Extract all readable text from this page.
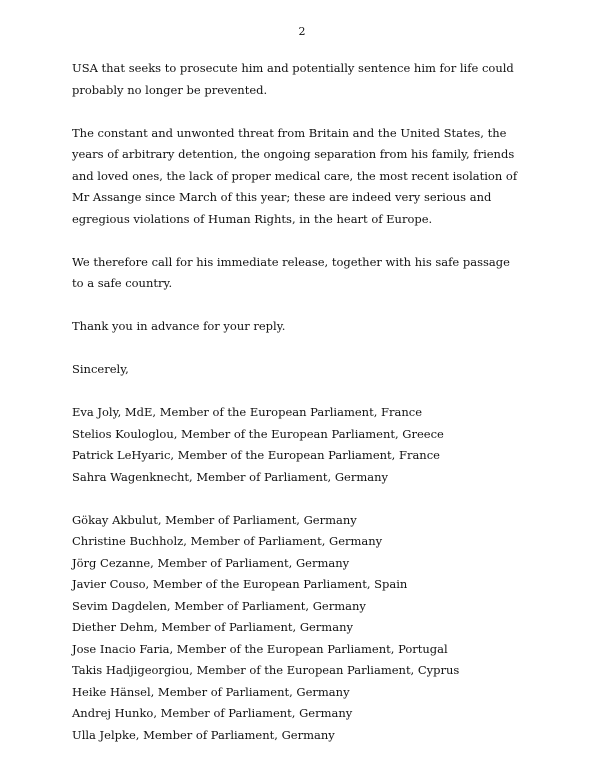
2

USA that seeks to prosecute him and potentially sentence him for life could probably no longer be prevented.

The constant and unwonted threat from Britain and the United States, the years of arbitrary detention, the ongoing separation from his family, friends and loved ones, the lack of proper medical care, the most recent isolation of Mr Assange since March of this year; these are indeed very serious and egregious violations of Human Rights, in the heart of Europe.

We therefore call for his immediate release, together with his safe passage to a safe country.

Thank you in advance for your reply.

Sincerely,

Eva Joly, MdE, Member of the European Parliament, France
Stelios Kouloglou, Member of the European Parliament, Greece
Patrick LeHyaric, Member of the European Parliament, France
Sahra Wagenknecht, Member of Parliament, Germany
Gökay Akbulut, Member of Parliament, Germany
Christine Buchholz, Member of Parliament, Germany
Jörg Cezanne, Member of Parliament, Germany
Javier Couso, Member of the European Parliament, Spain
Sevim Dagdelen, Member of Parliament, Germany
Diether Dehm, Member of Parliament, Germany
Jose Inacio Faria, Member of the European Parliament, Portugal
Takis Hadjigeorgiou, Member of the European Parliament, Cyprus
Heike Hänsel, Member of Parliament, Germany
Andrej Hunko, Member of Parliament, Germany
Ulla Jelpke, Member of Parliament, Germany
